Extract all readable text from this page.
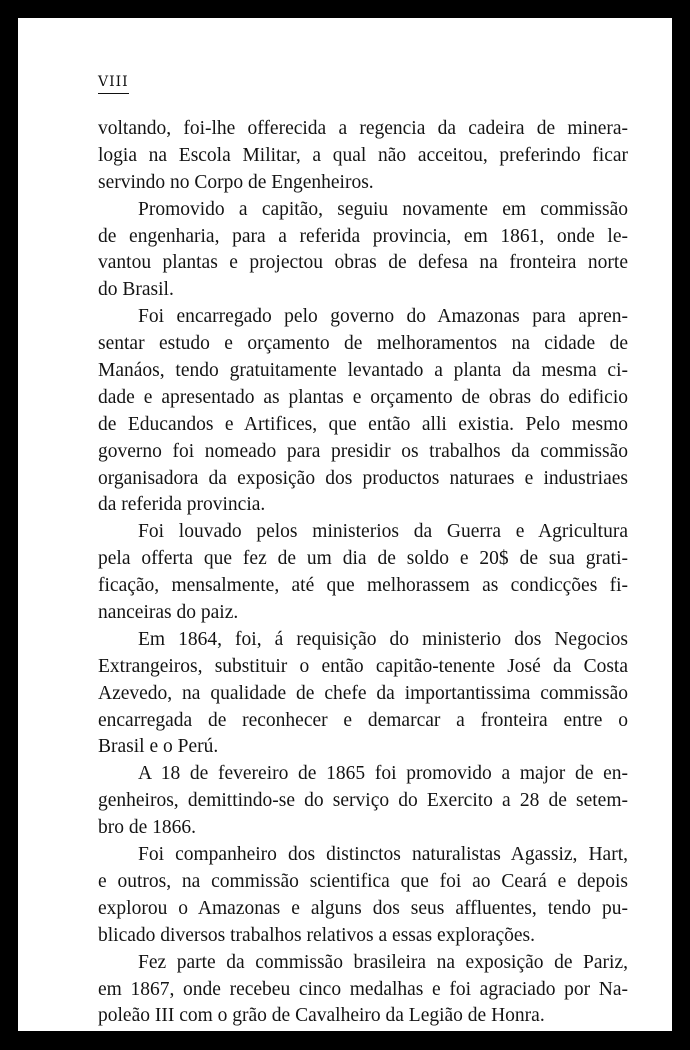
VIII
voltando, foi-lhe offerecida a regencia da cadeira de minera-
logia na Escola Militar, a qual não acceitou, preferindo ficar
servindo no Corpo de Engenheiros.
Promovido a capitão, seguiu novamente em commissão
de engenharia, para a referida provincia, em 1861, onde le-
vantou plantas e projectou obras de defesa na fronteira norte
do Brasil.
Foi encarregado pelo governo do Amazonas para apren-
sentar estudo e orçamento de melhoramentos na cidade de
Manáos, tendo gratuitamente levantado a planta da mesma ci-
dade e apresentado as plantas e orçamento de obras do edificio
de Educandos e Artifices, que então alli existia. Pelo mesmo
governo foi nomeado para presidir os trabalhos da commissão
organisadora da exposição dos productos naturaes e industriaes
da referida provincia.
Foi louvado pelos ministerios da Guerra e Agricultura
pela offerta que fez de um dia de soldo e 20$ de sua grati-
ficação, mensalmente, até que melhorassem as condicções fi-
nanceiras do paiz.
Em 1864, foi, á requisição do ministerio dos Negocios
Extrangeiros, substituir o então capitão-tenente José da Costa
Azevedo, na qualidade de chefe da importantissima commissão
encarregada de reconhecer e demarcar a fronteira entre o
Brasil e o Perú.
A 18 de fevereiro de 1865 foi promovido a major de en-
genheiros, demittindo-se do serviço do Exercito a 28 de setem-
bro de 1866.
Foi companheiro dos distinctos naturalistas Agassiz, Hart,
e outros, na commissão scientifica que foi ao Ceará e depois
explorou o Amazonas e alguns dos seus affluentes, tendo pu-
blicado diversos trabalhos relativos a essas explorações.
Fez parte da commissão brasileira na exposição de Pariz,
em 1867, onde recebeu cinco medalhas e foi agraciado por Na-
poleão III com o grão de Cavalheiro da Legião de Honra.
